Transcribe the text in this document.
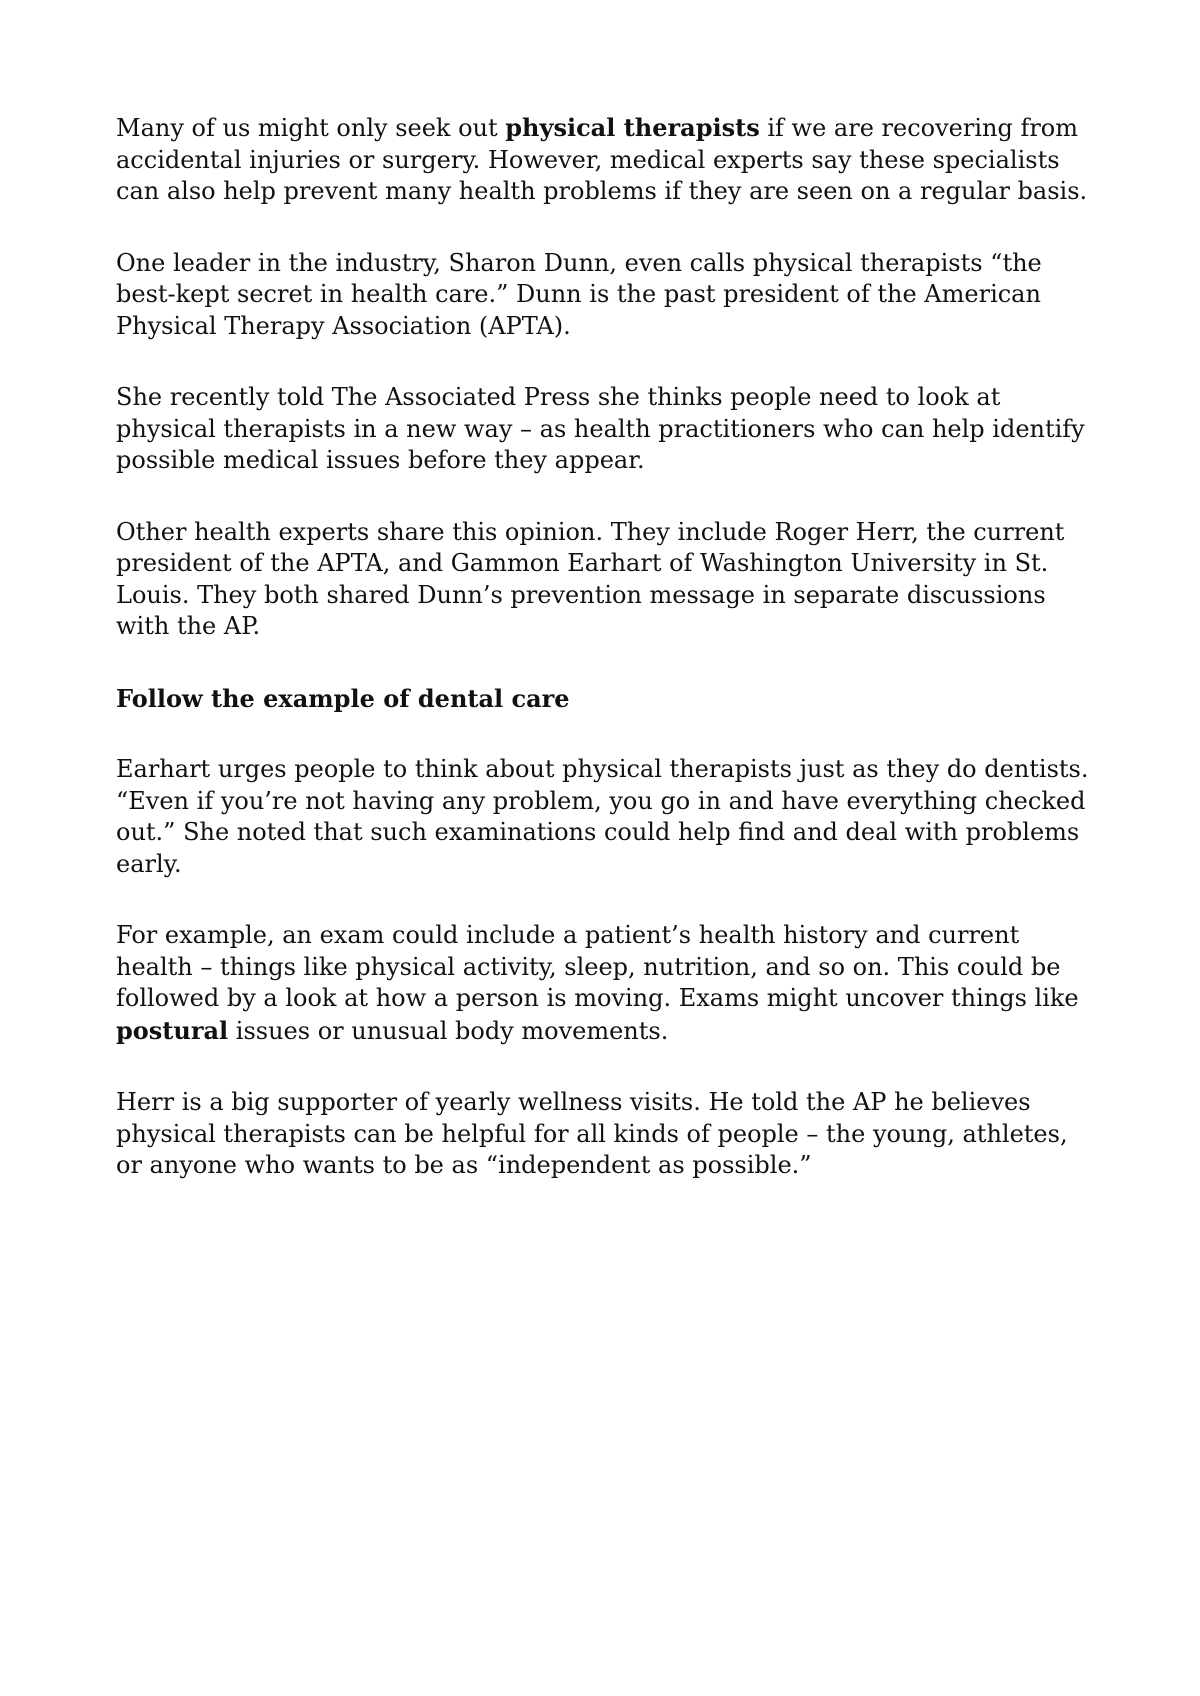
Many of us might only seek out physical therapists if we are recovering from accidental injuries or surgery. However, medical experts say these specialists can also help prevent many health problems if they are seen on a regular basis.

One leader in the industry, Sharon Dunn, even calls physical therapists “the best-kept secret in health care.” Dunn is the past president of the American Physical Therapy Association (APTA).

She recently told The Associated Press she thinks people need to look at physical therapists in a new way – as health practitioners who can help identify possible medical issues before they appear.

Other health experts share this opinion. They include Roger Herr, the current president of the APTA, and Gammon Earhart of Washington University in St. Louis. They both shared Dunn’s prevention message in separate discussions with the AP.

Follow the example of dental care

Earhart urges people to think about physical therapists just as they do dentists. “Even if you’re not having any problem, you go in and have everything checked out.” She noted that such examinations could help find and deal with problems early.

For example, an exam could include a patient’s health history and current health – things like physical activity, sleep, nutrition, and so on. This could be followed by a look at how a person is moving. Exams might uncover things like postural issues or unusual body movements.

Herr is a big supporter of yearly wellness visits. He told the AP he believes physical therapists can be helpful for all kinds of people – the young, athletes, or anyone who wants to be as “independent as possible.”
